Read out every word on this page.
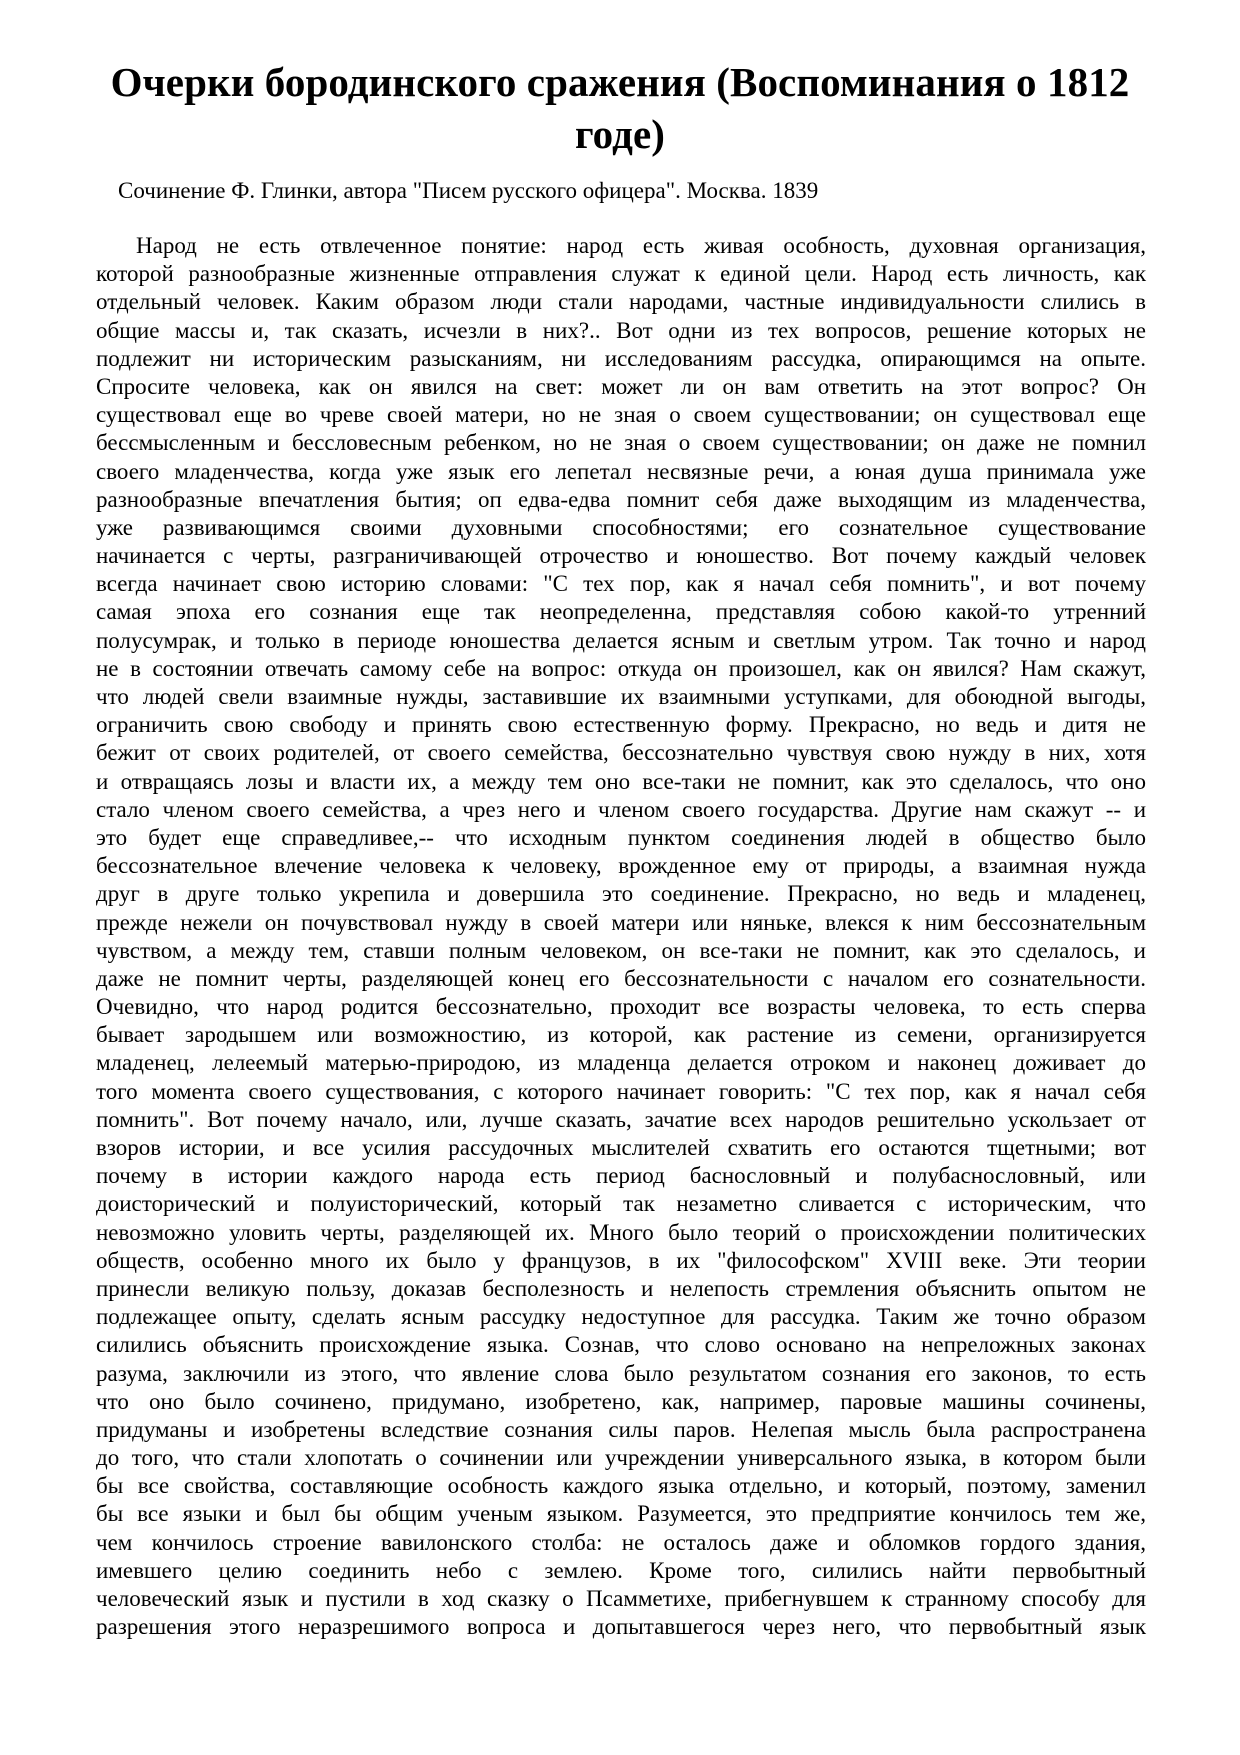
Очерки бородинского сражения (Воспоминания о 1812 годе)

Сочинение Ф. Глинки, автора "Писем русского офицера". Москва. 1839

Народ не есть отвлеченное понятие: народ есть живая особность, духовная организация,
которой разнообразные жизненные отправления служат к единой цели. Народ есть личность, как
отдельный человек. Каким образом люди стали народами, частные индивидуальности слились в
общие массы и, так сказать, исчезли в них?.. Вот одни из тех вопросов, решение которых не
подлежит ни историческим разысканиям, ни исследованиям рассудка, опирающимся на опыте.
Спросите человека, как он явился на свет: может ли он вам ответить на этот вопрос? Он
существовал еще во чреве своей матери, но не зная о своем существовании; он существовал еще
бессмысленным и бессловесным ребенком, но не зная о своем существовании; он даже не помнил
своего младенчества, когда уже язык его лепетал несвязные речи, а юная душа принимала уже
разнообразные впечатления бытия; оп едва-едва помнит себя даже выходящим из младенчества,
уже развивающимся своими духовными способностями; его сознательное существование
начинается с черты, разграничивающей отрочество и юношество. Вот почему каждый человек
всегда начинает свою историю словами: "С тех пор, как я начал себя помнить", и вот почему
самая эпоха его сознания еще так неопределенна, представляя собою какой-то утренний
полусумрак, и только в периоде юношества делается ясным и светлым утром. Так точно и народ
не в состоянии отвечать самому себе на вопрос: откуда он произошел, как он явился? Нам скажут,
что людей свели взаимные нужды, заставившие их взаимными уступками, для обоюдной выгоды,
ограничить свою свободу и принять свою естественную форму. Прекрасно, но ведь и дитя не
бежит от своих родителей, от своего семейства, бессознательно чувствуя свою нужду в них, хотя
и отвращаясь лозы и власти их, а между тем оно все-таки не помнит, как это сделалось, что оно
стало членом своего семейства, а чрез него и членом своего государства. Другие нам скажут -- и
это будет еще справедливее,-- что исходным пунктом соединения людей в общество было
бессознательное влечение человека к человеку, врожденное ему от природы, а взаимная нужда
друг в друге только укрепила и довершила это соединение. Прекрасно, но ведь и младенец,
прежде нежели он почувствовал нужду в своей матери или няньке, влекся к ним бессознательным
чувством, а между тем, ставши полным человеком, он все-таки не помнит, как это сделалось, и
даже не помнит черты, разделяющей конец его бессознательности с началом его сознательности.
Очевидно, что народ родится бессознательно, проходит все возрасты человека, то есть сперва
бывает зародышем или возможностию, из которой, как растение из семени, организируется
младенец, лелеемый матерью-природою, из младенца делается отроком и наконец доживает до
того момента своего существования, с которого начинает говорить: "С тех пор, как я начал себя
помнить". Вот почему начало, или, лучше сказать, зачатие всех народов решительно ускользает от
взоров истории, и все усилия рассудочных мыслителей схватить его остаются тщетными; вот
почему в истории каждого народа есть период баснословный и полубаснословный, или
доисторический и полуисторический, который так незаметно сливается с историческим, что
невозможно уловить черты, разделяющей их. Много было теорий о происхождении политических
обществ, особенно много их было у французов, в их "философском" XVIII веке. Эти теории
принесли великую пользу, доказав бесполезность и нелепость стремления объяснить опытом не
подлежащее опыту, сделать ясным рассудку недоступное для рассудка. Таким же точно образом
силились объяснить происхождение языка. Сознав, что слово основано на непреложных законах
разума, заключили из этого, что явление слова было результатом сознания его законов, то есть
что оно было сочинено, придумано, изобретено, как, например, паровые машины сочинены,
придуманы и изобретены вследствие сознания силы паров. Нелепая мысль была распространена
до того, что стали хлопотать о сочинении или учреждении универсального языка, в котором были
бы все свойства, составляющие особность каждого языка отдельно, и который, поэтому, заменил
бы все языки и был бы общим ученым языком. Разумеется, это предприятие кончилось тем же,
чем кончилось строение вавилонского столба: не осталось даже и обломков гордого здания,
имевшего целию соединить небо с землею. Кроме того, силились найти первобытный
человеческий язык и пустили в ход сказку о Псамметихе, прибегнувшем к странному способу для
разрешения этого неразрешимого вопроса и допытавшегося через него, что первобытный язык
